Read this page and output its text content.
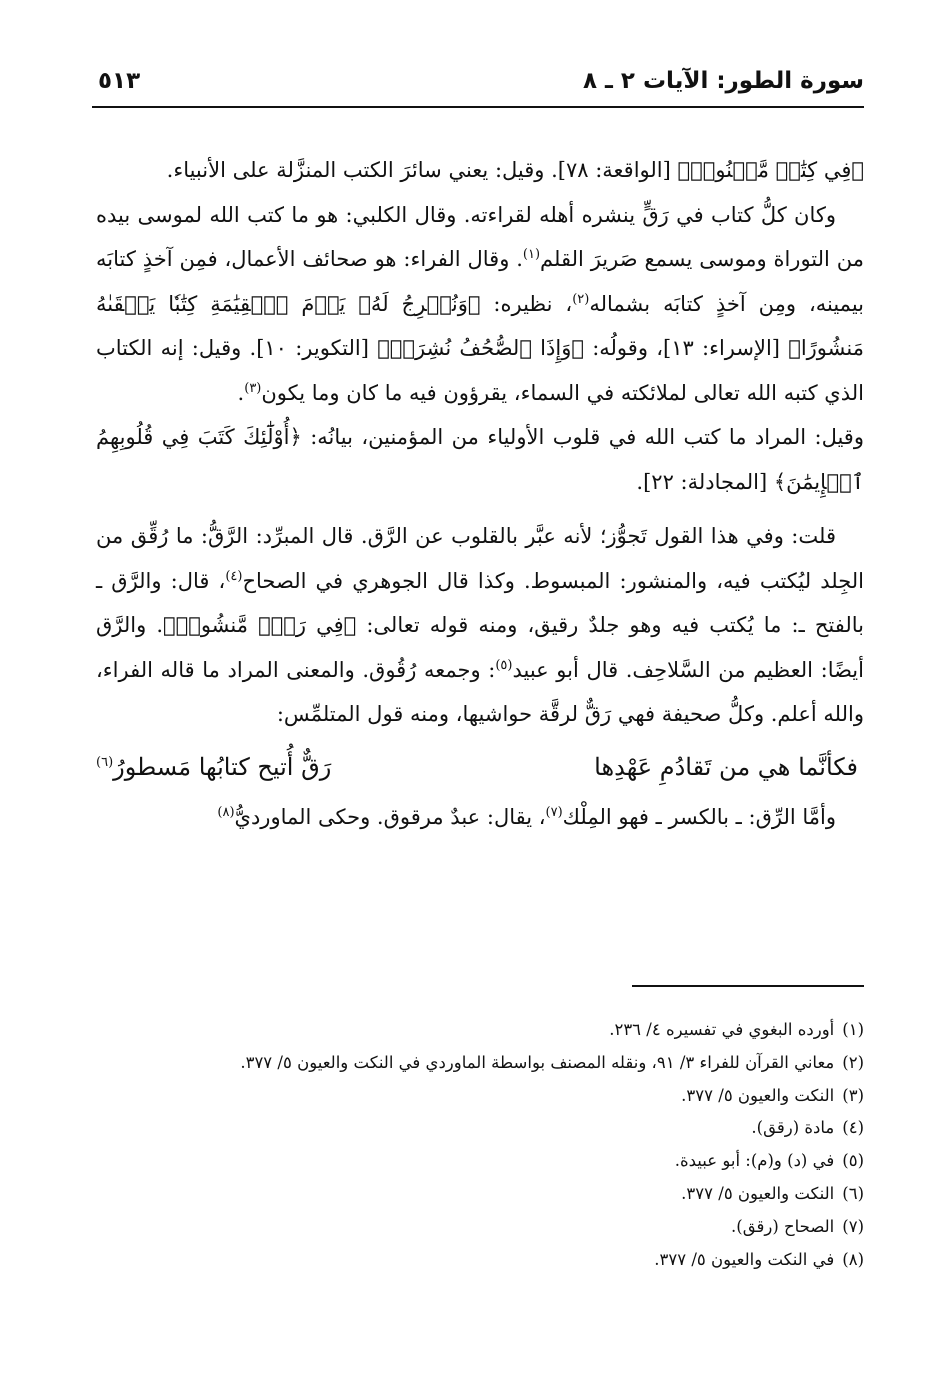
سورة الطور: الآيات ٢ ـ ٨
٥١٣

﴿فِي كِتَٰبٖ مَّكۡنُونٖ﴾ [الواقعة: ٧٨]. وقيل: يعني سائرَ الكتب المنزَّلة على الأنبياء.

وكان كلُّ كتاب في رَقٍّ ينشره أهله لقراءته. وقال الكلبي: هو ما كتب الله لموسى بيده من التوراة وموسى يسمع صَريرَ القلم$^{(١)}$. وقال الفراء: هو صحائف الأعمال، فمِن آخذٍ كتابَه بيمينه، ومِن آخذٍ كتابَه بشماله$^{(٢)}$، نظيره: ﴿وَنُخۡرِجُ لَهُۥ يَوۡمَ ٱلۡقِيَٰمَةِ كِتَٰبٗا يَلۡقَىٰهُ مَنشُورًا﴾ [الإسراء: ١٣]، وقولُه: ﴿وَإِذَا ٱلصُّحُفُ نُشِرَتۡ﴾ [التكوير: ١٠]. وقيل: إنه الكتاب الذي كتبه الله تعالى لملائكته في السماء، يقرؤون فيه ما كان وما يكون$^{(٣)}$.

وقيل: المراد ما كتب الله في قلوب الأولياء من المؤمنين، بيانُه: ﴿أُوْلَٰٓئِكَ كَتَبَ فِي قُلُوبِهِمُ ٱلۡإِيمَٰنَ﴾ [المجادلة: ٢٢].

قلت: وفي هذا القول تَجوُّز؛ لأنه عبَّر بالقلوب عن الرَّق. قال المبرِّد: الرَّقُّ: ما رُقِّق من الجِلد ليُكتب فيه، والمنشور: المبسوط. وكذا قال الجوهري في الصحاح$^{(٤)}$، قال: والرَّق ـ بالفتح ـ: ما يُكتب فيه وهو جلدٌ رقيق، ومنه قوله تعالى: ﴿فِي رَقّٖ مَّنشُورٖ﴾. والرَّق أيضًا: العظيم من السَّلاحِف. قال أبو عبيد$^{(٥)}$: وجمعه رُقُوق. والمعنى المراد ما قاله الفراء، والله أعلم. وكلُّ صحيفة فهي رَقٌّ لرقَّة حواشيها، ومنه قول المتلمِّس:

فكأنَّما هي من تَقادُمِ عَهْدِها
رَقٌّ أُتيح كتابُها مَسطورُ$^{(٦)}$

وأمَّا الرِّق: ـ بالكسر ـ فهو المِلْك$^{(٧)}$، يقال: عبدٌ مرقوق. وحكى الماورديُّ$^{(٨)}$

(١)أورده البغوي في تفسيره ٤/ ٢٣٦.
(٢)معاني القرآن للفراء ٣/ ٩١، ونقله المصنف بواسطة الماوردي في النكت والعيون ٥/ ٣٧٧.
(٣)النكت والعيون ٥/ ٣٧٧.
(٤)مادة (رقق).
(٥)في (د) و(م): أبو عبيدة.
(٦)النكت والعيون ٥/ ٣٧٧.
(٧)الصحاح (رقق).
(٨)في النكت والعيون ٥/ ٣٧٧.
